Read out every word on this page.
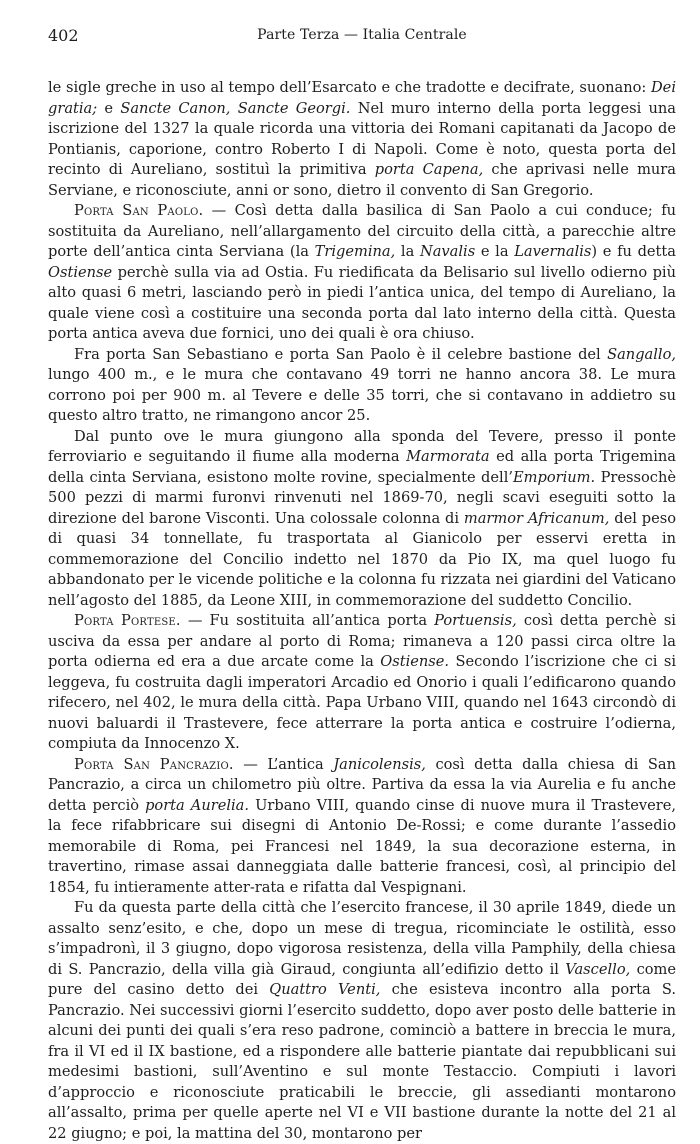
402	Parte Terza — Italia Centrale

le sigle greche in uso al tempo dell’Esarcato e che tradotte e decifrate, suonano: Dei gratia; e Sancte Canon, Sancte Georgi. Nel muro interno della porta leggesi una iscrizione del 1327 la quale ricorda una vittoria dei Romani capitanati da Jacopo de Pontianis, caporione, contro Roberto I di Napoli. Come è noto, questa porta del recinto di Aureliano, sostituì la primitiva porta Capena, che aprivasi nelle mura Serviane, e riconosciute, anni or sono, dietro il convento di San Gregorio.

Porta San Paolo. — Così detta dalla basilica di San Paolo a cui conduce; fu sostituita da Aureliano, nell’allargamento del circuito della città, a parecchie altre porte dell’antica cinta Serviana (la Trigemina, la Navalis e la Lavernalis) e fu detta Ostiense perchè sulla via ad Ostia. Fu riedificata da Belisario sul livello odierno più alto quasi 6 metri, lasciando però in piedi l’antica unica, del tempo di Aureliano, la quale viene così a costituire una seconda porta dal lato interno della città. Questa porta antica aveva due fornici, uno dei quali è ora chiuso.

Fra porta San Sebastiano e porta San Paolo è il celebre bastione del Sangallo, lungo 400 m., e le mura che contavano 49 torri ne hanno ancora 38. Le mura corrono poi per 900 m. al Tevere e delle 35 torri, che si contavano in addietro su questo altro tratto, ne rimangono ancor 25.

Dal punto ove le mura giungono alla sponda del Tevere, presso il ponte ferroviario e seguitando il fiume alla moderna Marmorata ed alla porta Trigemina della cinta Serviana, esistono molte rovine, specialmente dell’Emporium. Pressochè 500 pezzi di marmi furonvi rinvenuti nel 1869-70, negli scavi eseguiti sotto la direzione del barone Visconti. Una colossale colonna di marmor Africanum, del peso di quasi 34 tonnellate, fu trasportata al Gianicolo per esservi eretta in commemorazione del Concilio indetto nel 1870 da Pio IX, ma quel luogo fu abbandonato per le vicende politiche e la colonna fu rizzata nei giardini del Vaticano nell’agosto del 1885, da Leone XIII, in commemorazione del suddetto Concilio.

Porta Portese. — Fu sostituita all’antica porta Portuensis, così detta perchè si usciva da essa per andare al porto di Roma; rimaneva a 120 passi circa oltre la porta odierna ed era a due arcate come la Ostiense. Secondo l’iscrizione che ci si leggeva, fu costruita dagli imperatori Arcadio ed Onorio i quali l’edificarono quando rifecero, nel 402, le mura della città. Papa Urbano VIII, quando nel 1643 circondò di nuovi baluardi il Trastevere, fece atterrare la porta antica e costruire l’odierna, compiuta da Innocenzo X.

Porta San Pancrazio. — L’antica Janicolensis, così detta dalla chiesa di San Pancrazio, a circa un chilometro più oltre. Partiva da essa la via Aurelia e fu anche detta perciò porta Aurelia. Urbano VIII, quando cinse di nuove mura il Trastevere, la fece rifabbricare sui disegni di Antonio De-Rossi; e come durante l’assedio memorabile di Roma, pei Francesi nel 1849, la sua decorazione esterna, in travertino, rimase assai danneggiata dalle batterie francesi, così, al principio del 1854, fu intieramente atter-rata e rifatta dal Vespignani.

Fu da questa parte della città che l’esercito francese, il 30 aprile 1849, diede un assalto senz’esito, e che, dopo un mese di tregua, ricominciate le ostilità, esso s’impadronì, il 3 giugno, dopo vigorosa resistenza, della villa Pamphily, della chiesa di S. Pancrazio, della villa già Giraud, congiunta all’edifizio detto il Vascello, come pure del casino detto dei Quattro Venti, che esisteva incontro alla porta S. Pancrazio. Nei successivi giorni l’esercito suddetto, dopo aver posto delle batterie in alcuni dei punti dei quali s’era reso padrone, cominciò a battere in breccia le mura, fra il VI ed il IX bastione, ed a rispondere alle batterie piantate dai repubblicani sui medesimi bastioni, sull’Aventino e sul monte Testaccio. Compiuti i lavori d’approccio e riconosciute praticabili le breccie, gli assedianti montarono all’assalto, prima per quelle aperte nel VI e VII bastione durante la notte del 21 al 22 giugno; e poi, la mattina del 30, montarono per
